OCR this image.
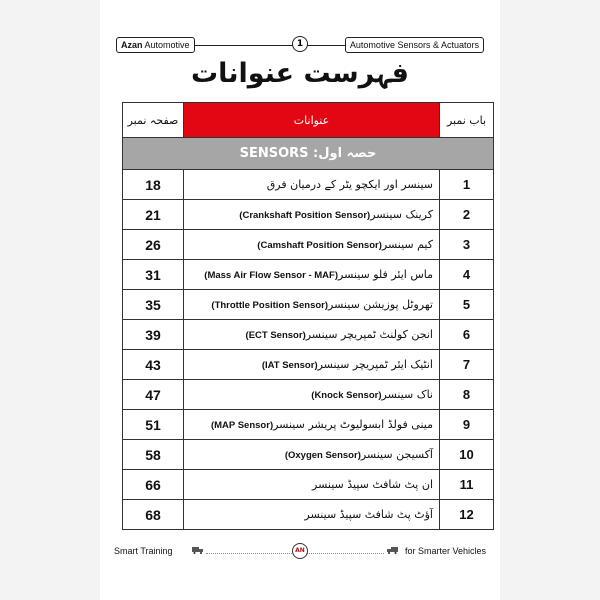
Azan Automotive	1	Automotive Sensors & Actuators
فہرست عنوانات
صفحہ نمبر	عنوانات	باب نمبر
حصہ اول: SENSORS		
18	سینسر اور ایکچو یٹر کے درمیان فرق	1
21	کرینک سینسر(Crankshaft Position Sensor)	2
26	کیم سینسر(Camshaft Position Sensor)	3
31	ماس ایئر فلو سینسر(Mass Air Flow Sensor - MAF)	4
35	تھروٹل پوزیشن سینسر(Throttle Position Sensor)	5
39	انجن کولنٹ ٹمپریچر سینسر(ECT Sensor)	6
43	انٹیک ایئر ٹمپریچر سینسر(IAT Sensor)	7
47	ناک سینسر(Knock Sensor)	8
51	مینی فولڈ ابسولیوٹ پریشر سینسر(MAP Sensor)	9
58	آکسیجن سینسر(Oxygen Sensor)	10
66	ان پٹ شافٹ سپیڈ سینسر	11
68	آؤٹ پٹ شافٹ سپیڈ سینسر	12
Smart Training	AN	for Smarter Vehicles
